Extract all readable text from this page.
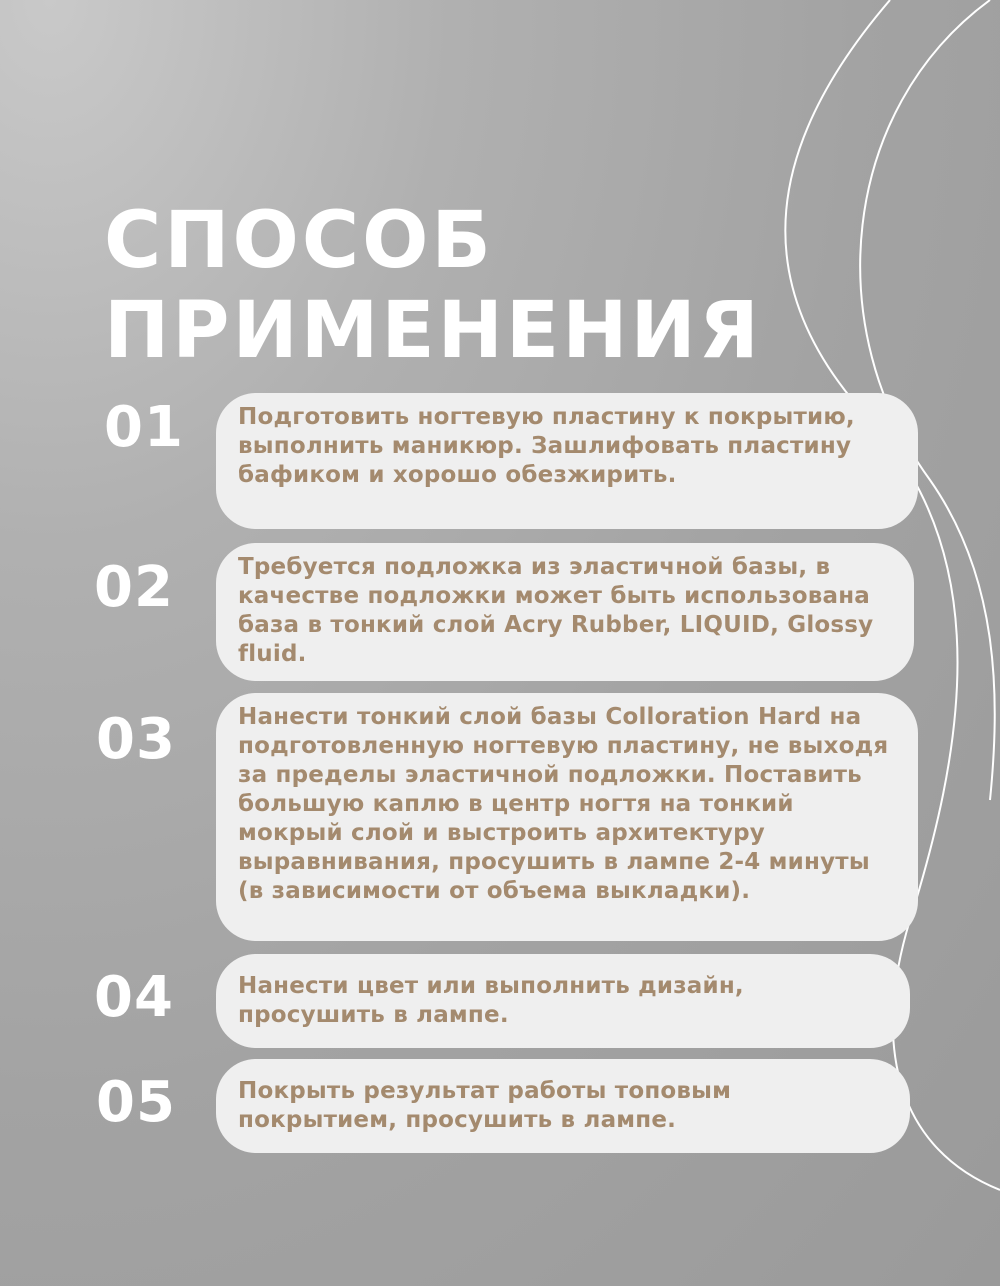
СПОСОБ
ПРИМЕНЕНИЯ
01 Подготовить ногтевую пластину к покрытию, выполнить маникюр. Зашлифовать пластину бафиком и хорошо обезжирить.

02	Требуется подложка из эластичной базы, в качестве подложки может быть использована база в тонкий слой Acry Rubber, LIQUID, Glossy fluid.

03	Нанести тонкий слой базы Colloration Hard на подготовленную ногтевую пластину, не выходя за пределы эластичной подложки. Поставить большую каплю в центр ногтя на тонкий мокрый слой и выстроить архитектуру выравнивания, просушить в лампе 2-4 минуты (в зависимости от объема выкладки).

04	Нанести цвет или выполнить дизайн, просушить в лампе.

05	Покрыть результат работы топовым покрытием, просушить в лампе.
